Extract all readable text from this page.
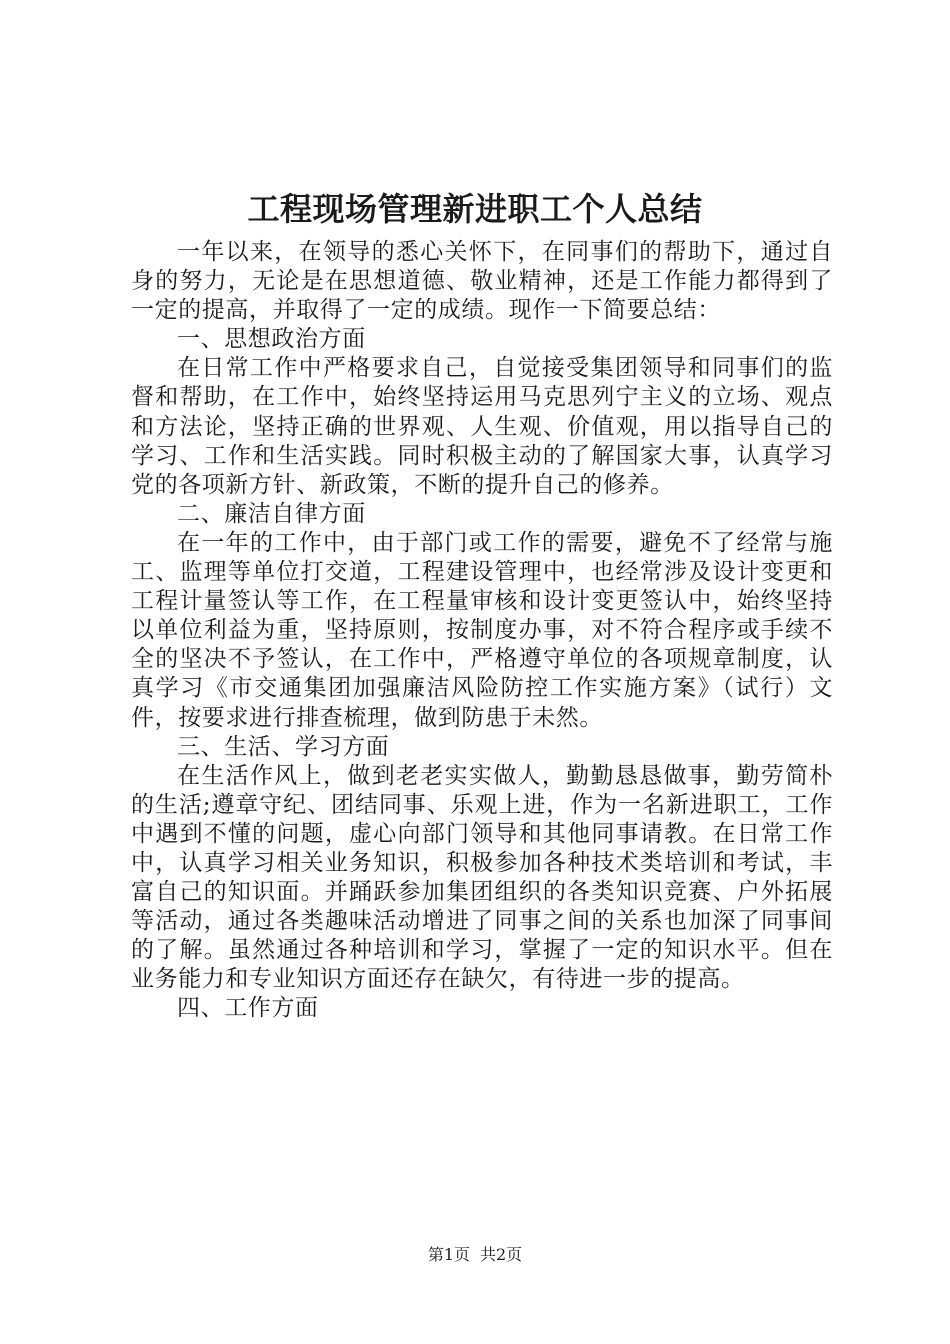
工程现场管理新进职工个人总结

一年以来，在领导的悉心关怀下，在同事们的帮助下，通过自身的努力，无论是在思想道德、敬业精神，还是工作能力都得到了一定的提高，并取得了一定的成绩。现作一下简要总结：

一、思想政治方面

在日常工作中严格要求自己，自觉接受集团领导和同事们的监督和帮助，在工作中，始终坚持运用马克思列宁主义的立场、观点和方法论，坚持正确的世界观、人生观、价值观，用以指导自己的学习、工作和生活实践。同时积极主动的了解国家大事，认真学习党的各项新方针、新政策，不断的提升自己的修养。

二、廉洁自律方面

在一年的工作中，由于部门或工作的需要，避免不了经常与施工、监理等单位打交道，工程建设管理中，也经常涉及设计变更和工程计量签认等工作，在工程量审核和设计变更签认中，始终坚持以单位利益为重，坚持原则，按制度办事，对不符合程序或手续不全的坚决不予签认，在工作中，严格遵守单位的各项规章制度，认真学习《市交通集团加强廉洁风险防控工作实施方案》（试行）文件，按要求进行排查梳理，做到防患于未然。

三、生活、学习方面

在生活作风上，做到老老实实做人，勤勤恳恳做事，勤劳简朴的生活;遵章守纪、团结同事、乐观上进，作为一名新进职工，工作中遇到不懂的问题，虚心向部门领导和其他同事请教。在日常工作中，认真学习相关业务知识，积极参加各种技术类培训和考试，丰富自己的知识面。并踊跃参加集团组织的各类知识竞赛、户外拓展等活动，通过各类趣味活动增进了同事之间的关系也加深了同事间的了解。虽然通过各种培训和学习，掌握了一定的知识水平。但在业务能力和专业知识方面还存在缺欠，有待进一步的提高。

四、工作方面

第1页 共2页
